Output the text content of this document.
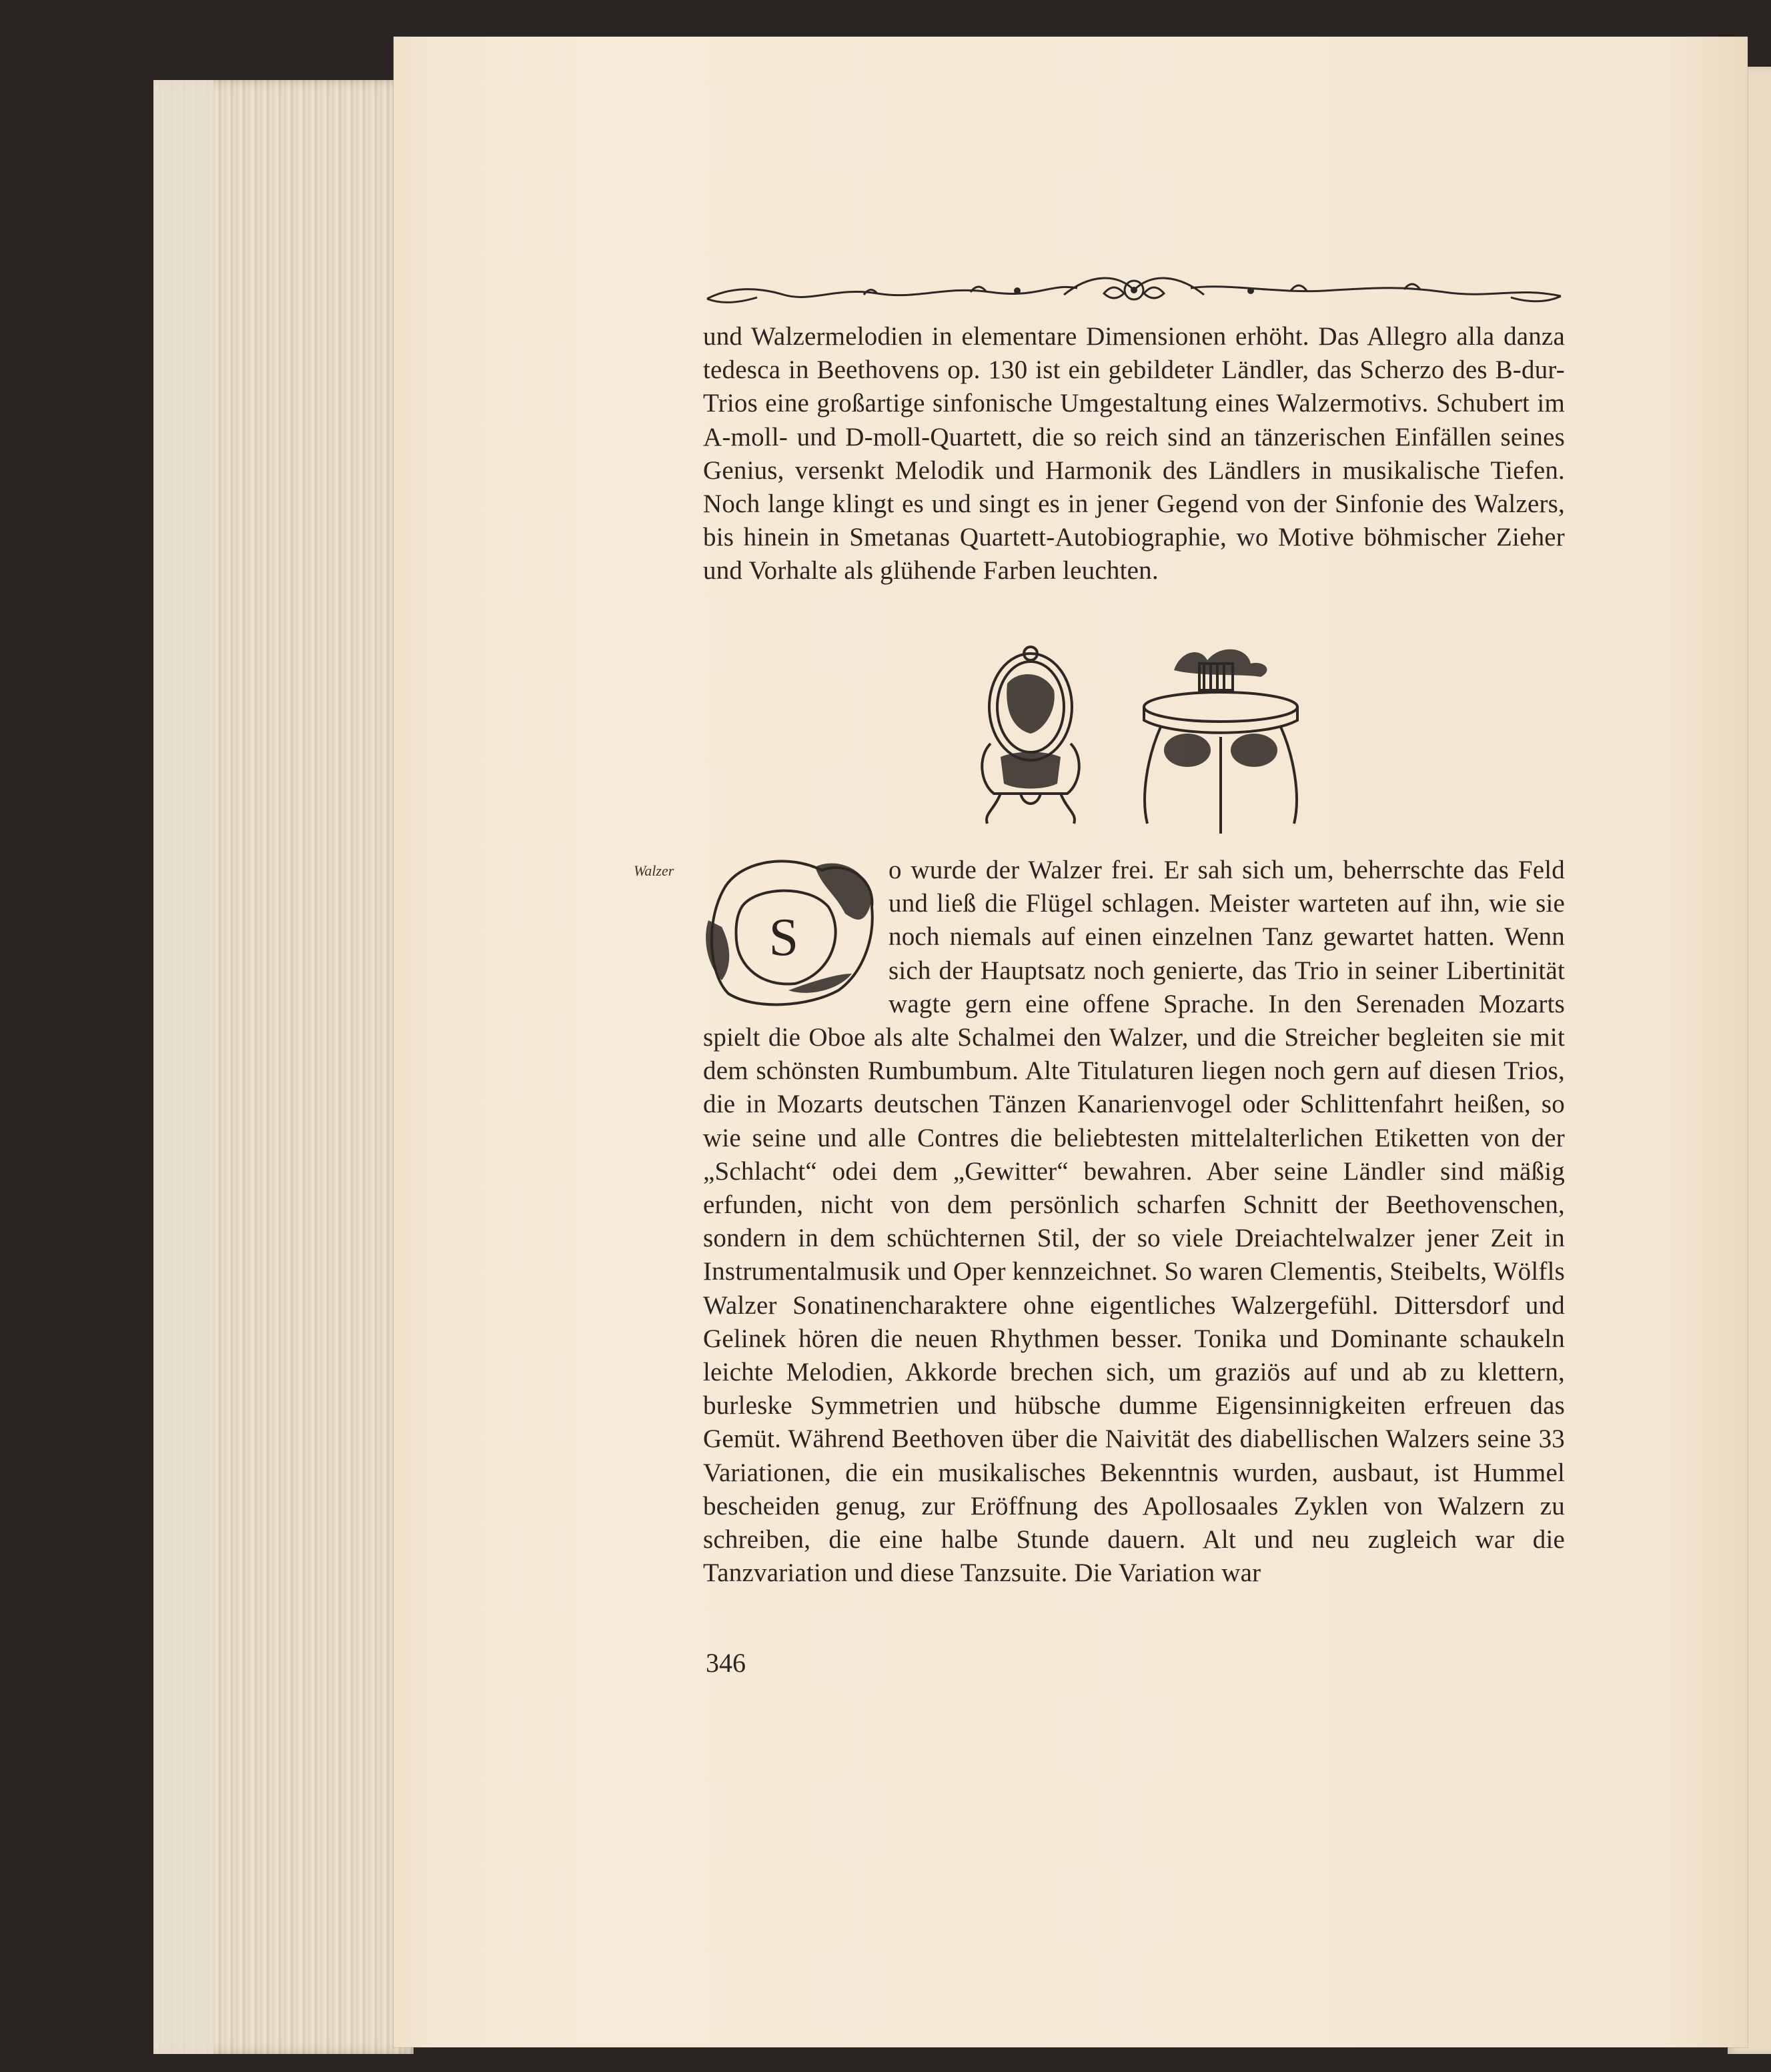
und Walzermelodien in elementare Dimensionen erhöht. Das Allegro alla danza tedesca in Beethovens op. 130 ist ein gebildeter Ländler, das Scherzo des B-dur-Trios eine großartige sinfonische Umgestaltung eines Walzermotivs. Schubert im A-moll- und D-moll-Quartett, die so reich sind an tänzerischen Einfällen seines Genius, versenkt Melodik und Harmonik des Ländlers in musikalische Tiefen. Noch lange klingt es und singt es in jener Gegend von der Sinfonie des Walzers, bis hinein in Smetanas Quartett-Autobiographie, wo Motive böhmischer Zieher und Vorhalte als glühende Farben leuchten.

Walzer
S

o wurde der Walzer frei. Er sah sich um, beherrschte das Feld und ließ die Flügel schlagen. Meister warteten auf ihn, wie sie noch niemals auf einen einzelnen Tanz gewartet hatten. Wenn sich der Hauptsatz noch genierte, das Trio in seiner Libertinität wagte gern eine offene Sprache. In den Serenaden Mozarts spielt die Oboe als alte Schalmei den Walzer, und die Streicher begleiten sie mit dem schönsten Rumbumbum. Alte Titulaturen liegen noch gern auf diesen Trios, die in Mozarts deutschen Tänzen Kanarienvogel oder Schlittenfahrt heißen, so wie seine und alle Contres die beliebtesten mittelalterlichen Etiketten von der „Schlacht“ odei dem „Gewitter“ bewahren. Aber seine Ländler sind mäßig erfunden, nicht von dem persönlich scharfen Schnitt der Beethovenschen, sondern in dem schüchternen Stil, der so viele Dreiachtelwalzer jener Zeit in Instrumentalmusik und Oper kennzeichnet. So waren Clementis, Steibelts, Wölfls Walzer Sonatinencharaktere ohne eigentliches Walzergefühl. Dittersdorf und Gelinek hören die neuen Rhythmen besser. Tonika und Dominante schaukeln leichte Melodien, Akkorde brechen sich, um graziös auf und ab zu klettern, burleske Symmetrien und hübsche dumme Eigensinnigkeiten erfreuen das Gemüt. Während Beethoven über die Naivität des diabellischen Walzers seine 33 Variationen, die ein musikalisches Bekenntnis wurden, ausbaut, ist Hummel bescheiden genug, zur Eröffnung des Apollosaales Zyklen von Walzern zu schreiben, die eine halbe Stunde dauern. Alt und neu zugleich war die Tanzvariation und diese Tanzsuite. Die Variation war

346
